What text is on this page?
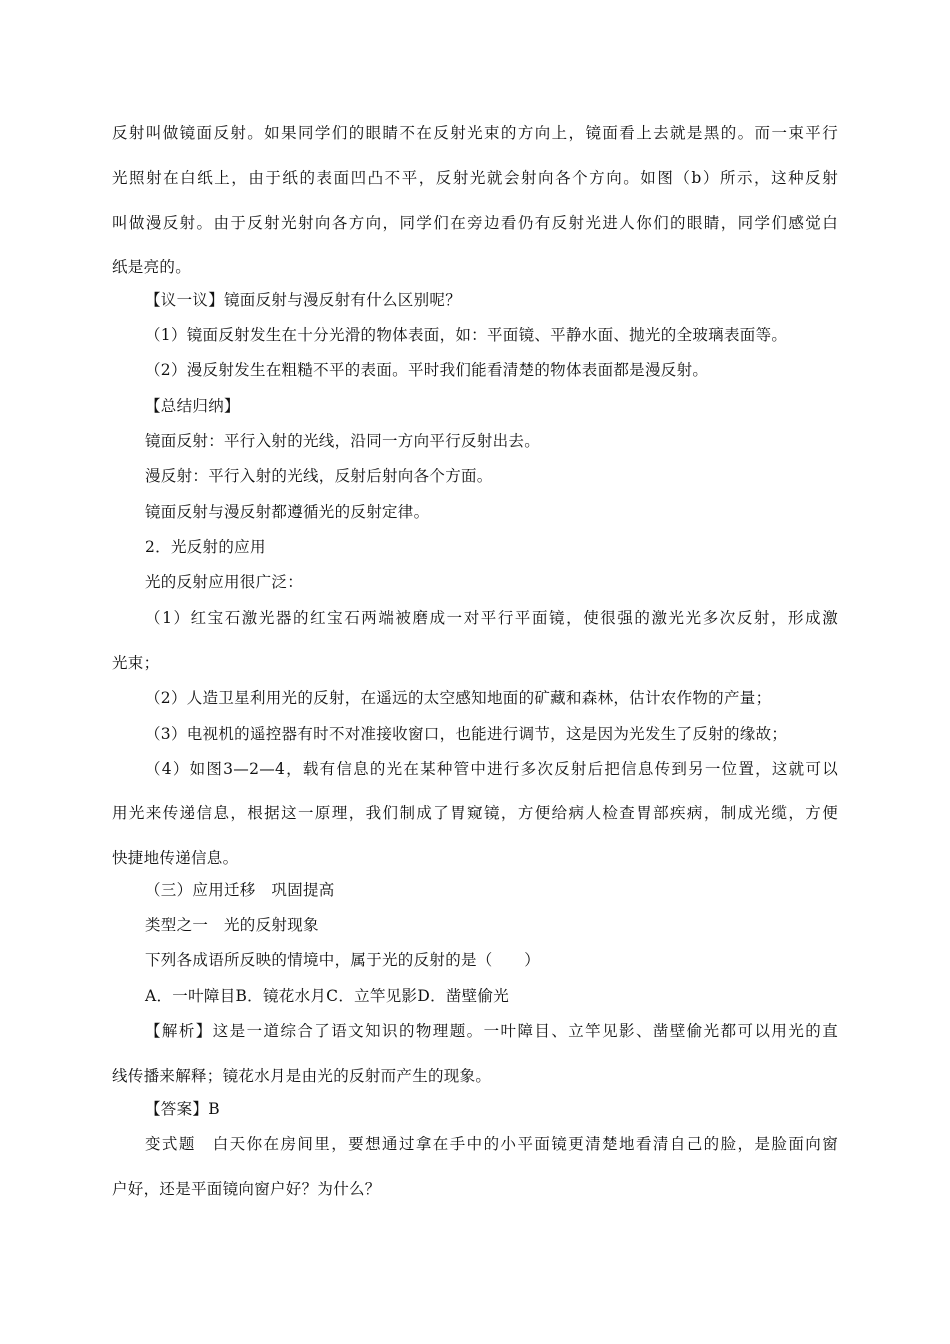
反射叫做镜面反射。如果同学们的眼睛不在反射光束的方向上，镜面看上去就是黑的。而一束平行
光照射在白纸上，由于纸的表面凹凸不平，反射光就会射向各个方向。如图（b）所示，这种反射
叫做漫反射。由于反射光射向各方向，同学们在旁边看仍有反射光进人你们的眼睛，同学们感觉白
纸是亮的。
【议一议】镜面反射与漫反射有什么区别呢？
（1）镜面反射发生在十分光滑的物体表面，如：平面镜、平静水面、抛光的全玻璃表面等。
（2）漫反射发生在粗糙不平的表面。平时我们能看清楚的物体表面都是漫反射。
【总结归纳】
镜面反射：平行入射的光线，沿同一方向平行反射出去。
漫反射：平行入射的光线，反射后射向各个方面。
镜面反射与漫反射都遵循光的反射定律。
2．光反射的应用
光的反射应用很广泛：
（1）红宝石激光器的红宝石两端被磨成一对平行平面镜，使很强的激光光多次反射，形成激
光束；
（2）人造卫星利用光的反射，在遥远的太空感知地面的矿藏和森林，估计农作物的产量；
（3）电视机的遥控器有时不对准接收窗口，也能进行调节，这是因为光发生了反射的缘故；
（4）如图3—2—4，载有信息的光在某种管中进行多次反射后把信息传到另一位置，这就可以
用光来传递信息，根据这一原理，我们制成了胃窥镜，方便给病人检查胃部疾病，制成光缆，方便
快捷地传递信息。
（三）应用迁移　巩固提高
类型之一　光的反射现象
下列各成语所反映的情境中，属于光的反射的是（　　）
A．一叶障目B．镜花水月C．立竿见影D．凿壁偷光
【解析】这是一道综合了语文知识的物理题。一叶障目、立竿见影、凿壁偷光都可以用光的直
线传播来解释；镜花水月是由光的反射而产生的现象。
【答案】B
变式题　白天你在房间里，要想通过拿在手中的小平面镜更清楚地看清自己的脸，是脸面向窗
户好，还是平面镜向窗户好？为什么？
